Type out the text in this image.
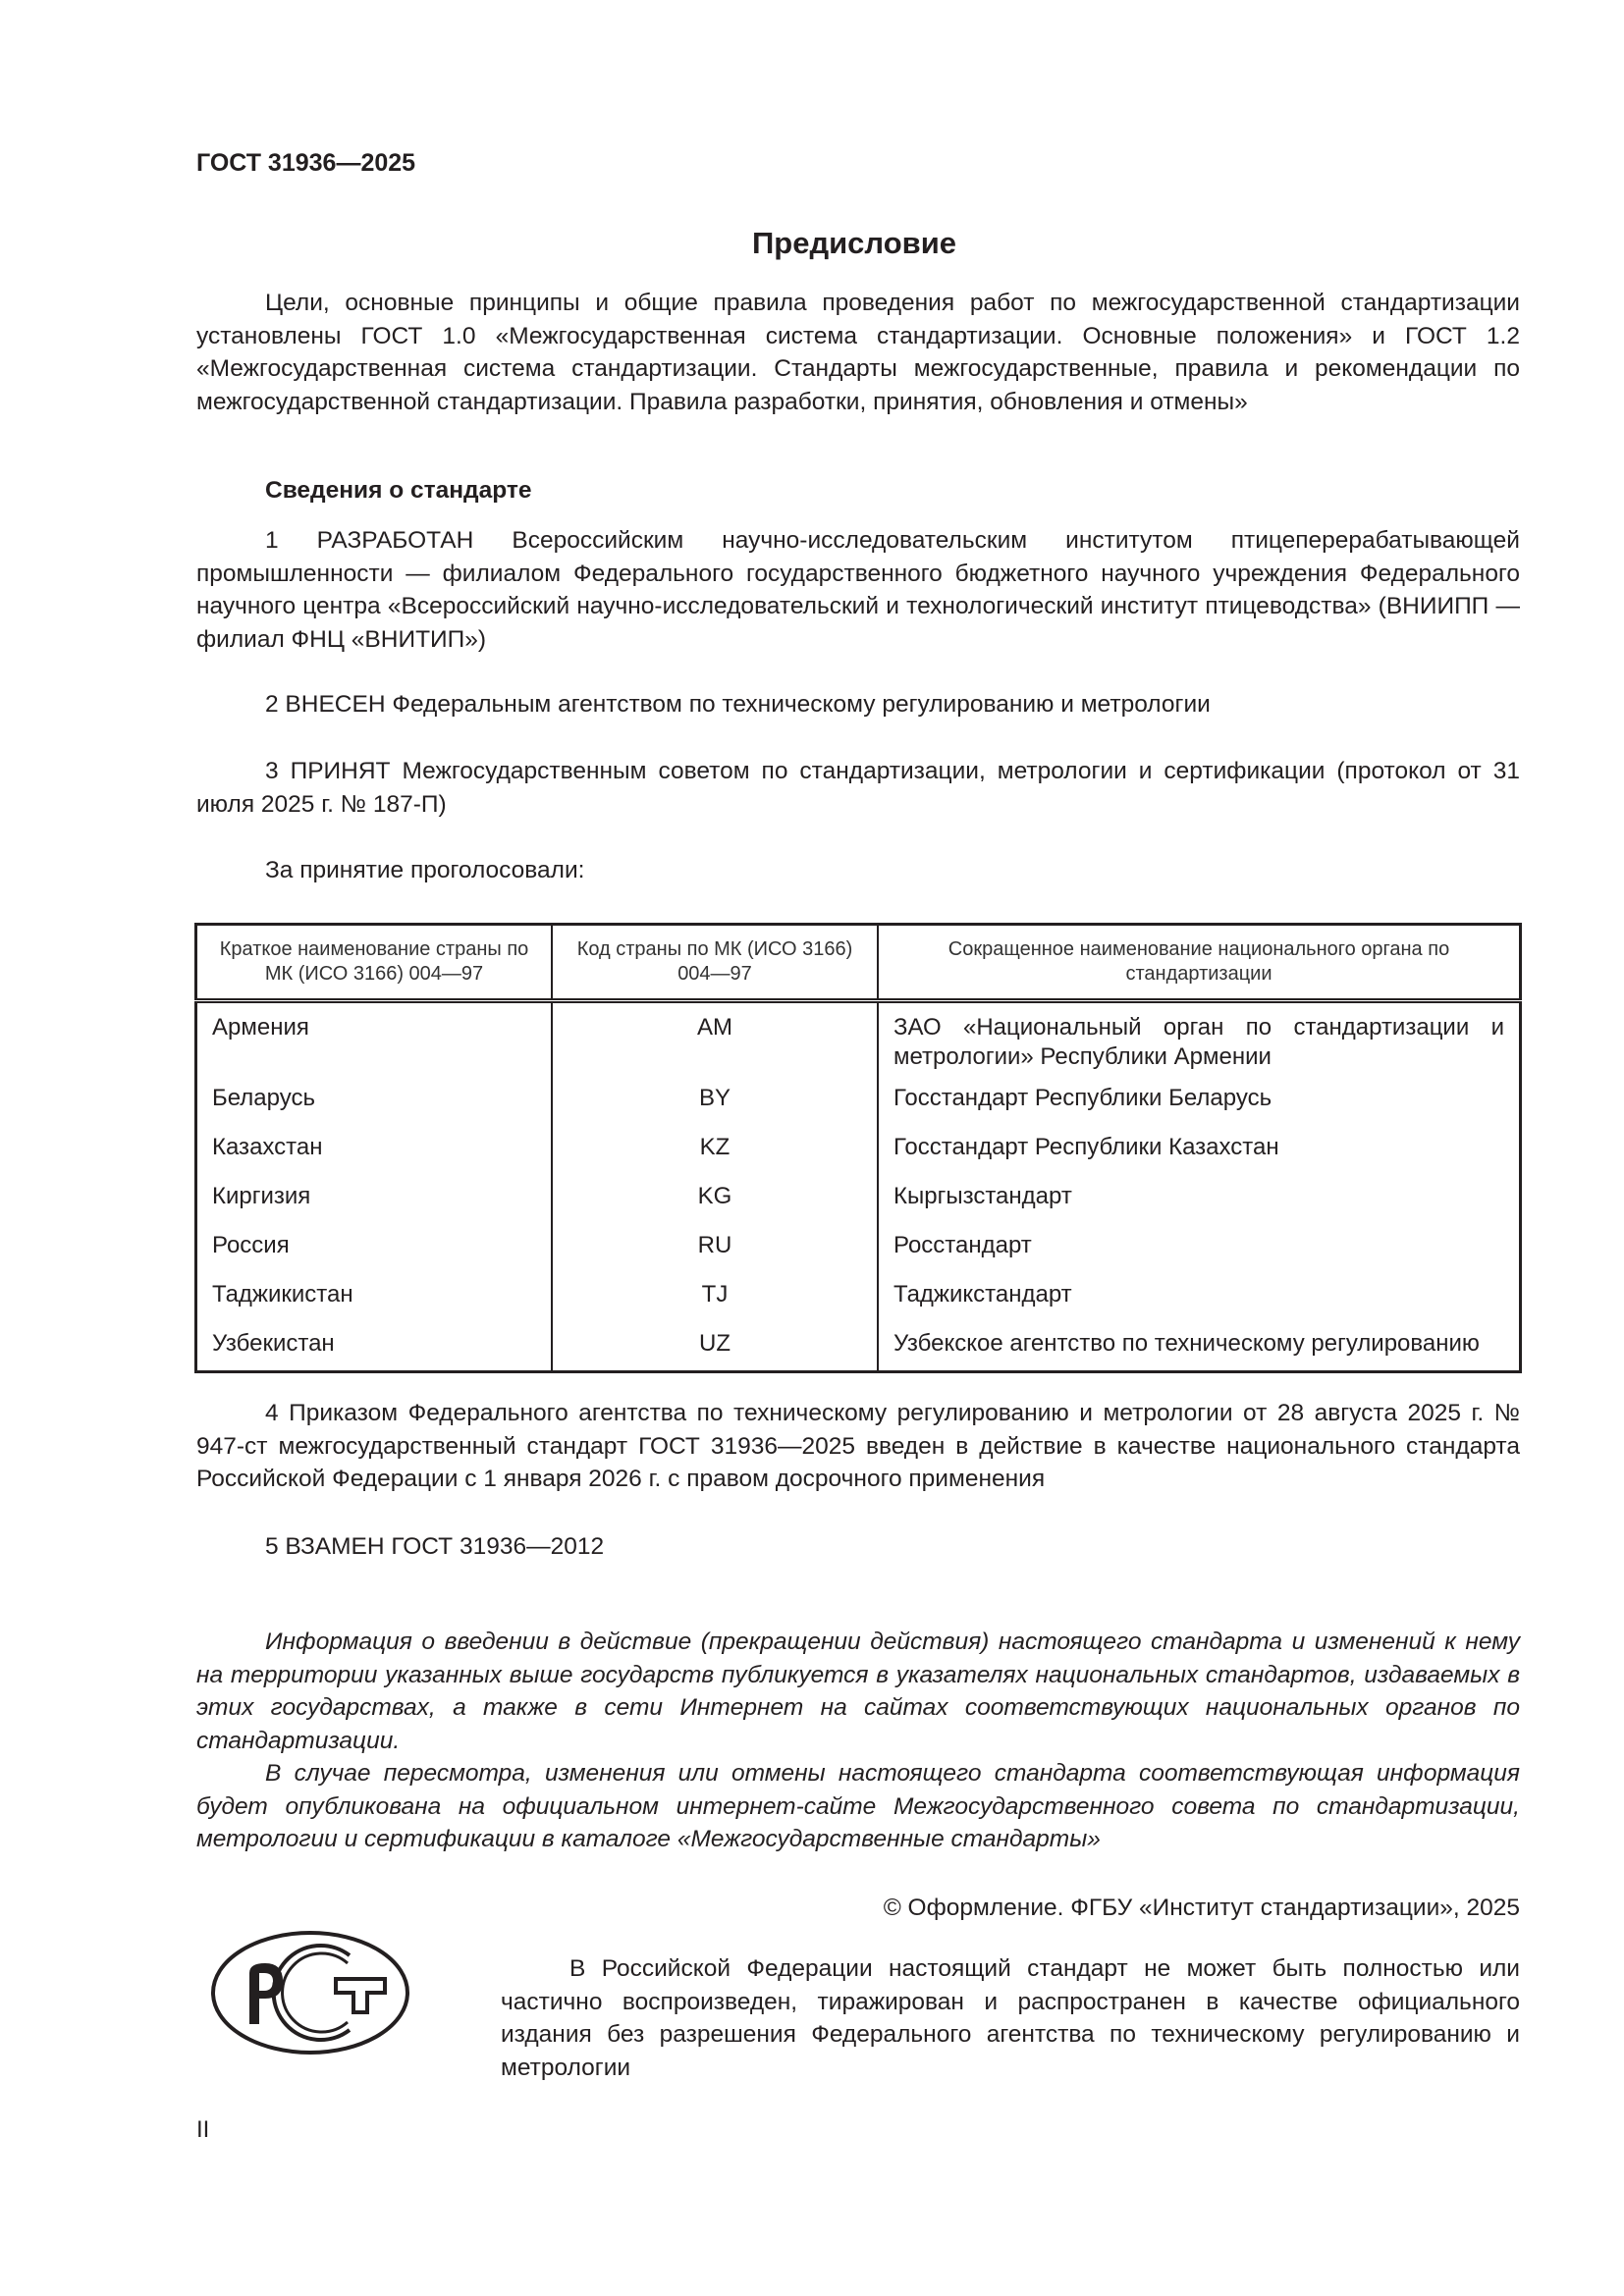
ГОСТ 31936—2025
Предисловие

Цели, основные принципы и общие правила проведения работ по межгосударственной стандартизации установлены ГОСТ 1.0 «Межгосударственная система стандартизации. Основные положения» и ГОСТ 1.2 «Межгосударственная система стандартизации. Стандарты межгосударственные, правила и рекомендации по межгосударственной стандартизации. Правила разработки, принятия, обновления и отмены»

Сведения о стандарте

1 РАЗРАБОТАН Всероссийским научно-исследовательским институтом птицеперерабатывающей промышленности — филиалом Федерального государственного бюджетного научного учреждения Федерального научного центра «Всероссийский научно-исследовательский и технологический институт птицеводства» (ВНИИПП — филиал ФНЦ «ВНИТИП»)

2 ВНЕСЕН Федеральным агентством по техническому регулированию и метрологии

3 ПРИНЯТ Межгосударственным советом по стандартизации, метрологии и сертификации (протокол от 31 июля 2025 г. № 187-П)

За принятие проголосовали:

Краткое наименование страны по МК (ИСО 3166) 004—97	Код страны по МК (ИСО 3166) 004—97	Сокращенное наименование национального органа по стандартизации
Армения	AM	ЗАО «Национальный орган по стандартизации и метрологии» Республики Армении
Беларусь	BY	Госстандарт Республики Беларусь
Казахстан	KZ	Госстандарт Республики Казахстан
Киргизия	KG	Кыргызстандарт
Россия	RU	Росстандарт
Таджикистан	TJ	Таджикстандарт
Узбекистан	UZ	Узбекское агентство по техническому регулированию

4 Приказом Федерального агентства по техническому регулированию и метрологии от 28 августа 2025 г. № 947-ст межгосударственный стандарт ГОСТ 31936—2025 введен в действие в качестве национального стандарта Российской Федерации с 1 января 2026 г. с правом досрочного применения

5 ВЗАМЕН ГОСТ 31936—2012

Информация о введении в действие (прекращении действия) настоящего стандарта и изменений к нему на территории указанных выше государств публикуется в указателях национальных стандартов, издаваемых в этих государствах, а также в сети Интернет на сайтах соответствующих национальных органов по стандартизации.

В случае пересмотра, изменения или отмены настоящего стандарта соответствующая информация будет опубликована на официальном интернет-сайте Межгосударственного совета по стандартизации, метрологии и сертификации в каталоге «Межгосударственные стандарты»

© Оформление. ФГБУ «Институт стандартизации», 2025

В Российской Федерации настоящий стандарт не может быть полностью или частично воспроизведен, тиражирован и распространен в качестве официального издания без разрешения Федерального агентства по техническому регулированию и метрологии

II
